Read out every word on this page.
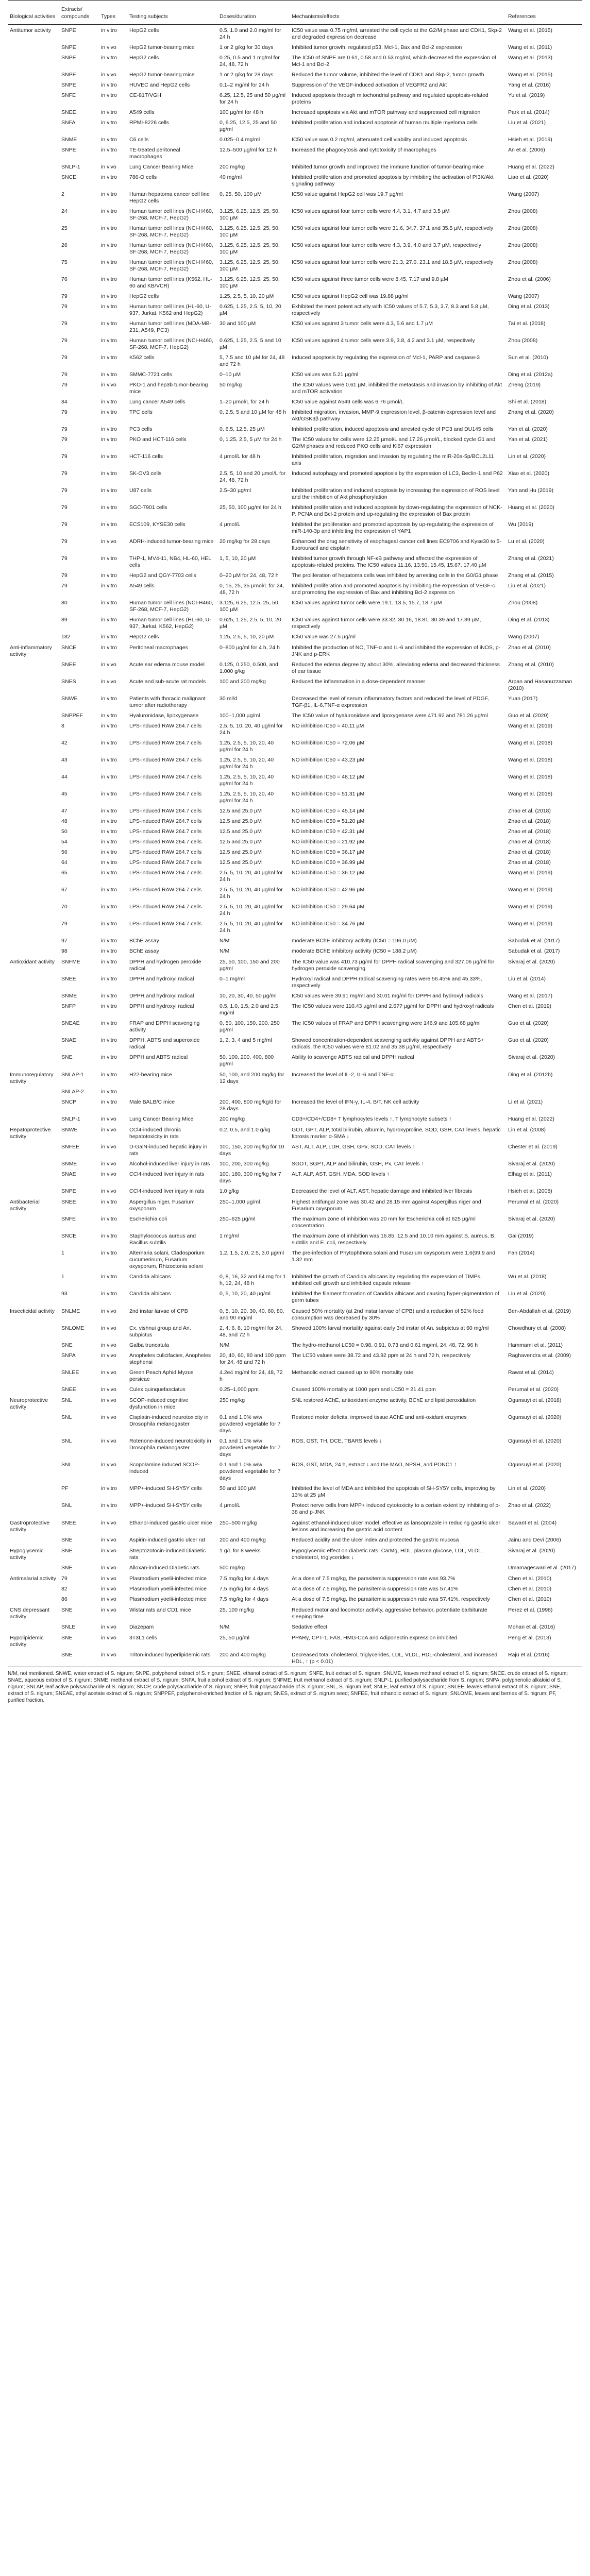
Biological activities	Extracts/ compounds	Types	Testing subjects	Doses/duration	Mechanisms/effects	References
Antitumor activity	SNPE	in vitro	HepG2 cells	0.5, 1.0 and 2.0 mg/ml for 24 h	IC50 value was 0.75 mg/ml, arrested the cell cycle at the G2/M phase and CDK1, Skp-2 and degraded expression decrease	Wang et al. (2015)
	SNPE	in vivo	HepG2 tumor-bearing mice	1 or 2 g/kg for 30 days	Inhibited tumor growth, regulated p53, Mcl-1, Bax and Bcl-2 expression	Wang et al. (2011)
	SNPE	in vitro	HepG2 cells	0.25, 0.5 and 1 mg/ml for 24, 48, 72 h	The IC50 of SNPE are 0.61, 0.58 and 0.53 mg/ml, which decreased the expression of Mcl-1 and Bcl-2	Wang et al. (2013)
	SNPE	in vivo	HepG2 tumor-bearing mice	1 or 2 g/kg for 28 days	Reduced the tumor volume, inhibited the level of CDK1 and Skp-2, tumor growth	Wang et al. (2015)
	SNPE	in vitro	HUVEC and HepG2 cells	0.1–2 mg/ml for 24 h	Suppression of the VEGF-induced activation of VEGFR2 and Akt	Yang et al. (2016)
	SNFE	in vitro	CE-81T/VGH	6.25, 12.5, 25 and 50 µg/ml for 24 h	Induced apoptosis through mitochondrial pathway and regulated apoptosis-related proteins	Yu et al. (2019)
	SNEE	in vitro	A549 cells	100 µg/ml for 48 h	Increased apoptosis via Akt and mTOR pathway and suppressed cell migration	Park et al. (2014)
	SNFA	in vitro	RPMI-8226 cells	0, 6.25, 12.5, 25 and 50 µg/ml	Inhibited proliferation and induced apoptosis of human multiple myeloma cells	Liu et al. (2021)
	SNME	in vitro	C6 cells	0.025–0.4 mg/ml	IC50 value was 0.2 mg/ml, attenuated cell viability and induced apoptosis	Hsieh et al. (2019)
	SNPE	in vitro	TE-treated peritoneal macrophages	12.5–500 µg/ml for 12 h	Increased the phagocytosis and cytotoxicity of macrophages	An et al. (2006)
	SNLP-1	in vivo	Lung Cancer Bearing Mice	200 mg/kg	Inhibited tumor growth and improved the immune function of tumor-bearing mice	Huang et al. (2022)
	SNCE	in vitro	786-O cells	40 mg/ml	Inhibited proliferation and promoted apoptosis by inhibiting the activation of PI3K/Akt signaling pathway	Liao et al. (2020)
	2	in vitro	Human hepatoma cancer cell line HepG2 cells	0, 25, 50, 100 µM	IC50 value against HepG2 cell was 19.7 µg/ml	Wang (2007)
	24	in vitro	Human tumor cell lines (NCI-H460, SF-268, MCF-7, HepG2)	3.125, 6.25, 12.5, 25, 50, 100 µM	IC50 values against four tumor cells were 4.4, 3.1, 4.7 and 3.5 µM	Zhou (2008)
	25	in vitro	Human tumor cell lines (NCI-H460, SF-268, MCF-7, HepG2)	3.125, 6.25, 12.5, 25, 50, 100 µM	IC50 values against four tumor cells were 31.6, 34.7, 37.1 and 35.5 µM, respectively	Zhou (2008)
	26	in vitro	Human tumor cell lines (NCI-H460, SF-268, MCF-7, HepG2)	3.125, 6.25, 12.5, 25, 50, 100 µM	IC50 values against four tumor cells were 4.3, 3.9, 4.0 and 3.7 µM, respectively	Zhou (2008)
	75	in vitro	Human tumor cell lines (NCI-H460, SF-268, MCF-7, HepG2)	3.125, 6.25, 12.5, 25, 50, 100 µM	IC50 values against four tumor cells were 21.3, 27.0, 23.1 and 18.5 µM, respectively	Zhou (2008)
	76	in vitro	Human tumor cell lines (K562, HL-60 and KB/VCR)	3.125, 6.25, 12.5, 25, 50, 100 µM	IC50 values against three tumor cells were 8.45, 7.17 and 9.8 µM	Zhou et al. (2006)
	79	in vitro	HepG2 cells	1.25, 2.5, 5, 10, 20 µM	IC50 values against HepG2 cell was 19.88 µg/ml	Wang (2007)
	79	in vitro	Human tumor cell lines (HL-60, U-937, Jurkat, K562 and HepG2)	0.625, 1.25, 2.5, 5, 10, 20 µM	Exhibited the most potent activity with IC50 values of 5.7, 5.3, 3.7, 8.3 and 5.8 µM, respectively	Ding et al. (2013)
	79	in vitro	Human tumor cell lines (MDA-MB-231, A549, PC3)	30 and 100 µM	IC50 values against 3 tumor cells were 4.3, 5.6 and 1.7 µM	Tai et al. (2018)
	79	in vitro	Human tumor cell lines (NCI-H460, SF-268, MCF-7, HepG2)	0.625, 1.25, 2.5, 5 and 10 µM	IC50 values against 4 tumor cells were 3.9, 3.8, 4.2 and 3.1 µM, respectively	Zhou (2008)
	79	in vitro	K562 cells	5, 7.5 and 10 µM for 24, 48 and 72 h	Induced apoptosis by regulating the expression of Mcl-1, PARP and caspase-3	Sun et al. (2010)
	79	in vitro	SMMC-7721 cells	0–10 µM	IC50 values was 5.21 µg/ml	Ding et al. (2012a)
	79	in vivo	PKO-1 and hep3b tumor-bearing mice	50 mg/kg	The IC50 values were 0.61 µM, inhibited the metastasis and invasion by inhibiting of Akt and mTOR activation	Zheng (2019)
	84	in vitro	Lung cancer A549 cells	1–20 µmol/L for 24 h	IC50 value against A549 cells was 6.76 µmol/L	Shi et al. (2018)
	79	in vitro	TPC cells	0, 2.5, 5 and 10 µM for 48 h	Inhibited migration, invasion, MMP-9 expression level, β-catenin expression level and Akt/GSK3β pathway	Zhang et al. (2020)
	79	in vitro	PC3 cells	0, 6.5, 12.5, 25 µM	Inhibited proliferation, induced apoptosis and arrested cycle of PC3 and DU145 cells	Yan et al. (2020)
	79	in vitro	PKO and HCT-116 cells	0, 1.25, 2.5, 5 µM for 24 h	The IC50 values for cells were 12.25 µmol/L and 17.26 µmol/L, blocked cycle G1 and G2/M phases and reduced PKO cells and Ki67 expression	Yan et al. (2021)
	79	in vitro	HCT-116 cells	4 µmol/L for 48 h	Inhibited proliferation, migration and invasion by regulating the miR-20a-5p/BCL2L11 axis	Lin et al. (2020)
	79	in vitro	SK-OV3 cells	2.5, 5, 10 and 20 µmol/L for 24, 48, 72 h	Induced autophagy and promoted apoptosis by the expression of LC3, Beclin-1 and P62	Xiao et al. (2020)
	79	in vitro	U87 cells	2.5–30 µg/ml	Inhibited proliferation and induced apoptosis by increasing the expression of ROS level and the inhibition of Akt phosphorylation	Yan and Hu (2019)
	79	in vitro	SGC-7901 cells	25, 50, 100 µg/ml for 24 h	Inhibited proliferation and induced apoptosis by down-regulating the expression of NCK-P, PCNA and Bcl-2 protein and up-regulating the expression of Bax protein	Huang et al. (2020)
	79	in vitro	ECS109, KYSE30 cells	4 µmol/L	Inhibited the proliferation and promoted apoptosis by up-regulating the expression of miR-140-3p and inhibiting the expression of YAP1	Wu (2019)
	79	in vivo	ADRH-induced tumor-bearing mice	20 mg/kg for 28 days	Enhanced the drug sensitivity of esophageal cancer cell lines EC9706 and Kyse30 to 5-fluorouracil and cisplatin	Lu et al. (2020)
	79	in vitro	THP-1, MV4-11, NB4, HL-60, HEL cells	1, 5, 10, 20 µM	Inhibited tumor growth through NF-κB pathway and affected the expression of apoptosis-related proteins. The IC50 values 11.16, 13.50, 15.45, 15.67, 17.40 µM	Zhang et al. (2021)
	79	in vitro	HepG2 and QGY-7703 cells	0–20 µM for 24, 48, 72 h	The proliferation of hepatoma cells was inhibited by arresting cells in the G0/G1 phase	Zhang et al. (2015)
	79	in vitro	A549 cells	0, 15, 25, 35 µmol/L for 24, 48, 72 h	Inhibited proliferation and promoted apoptosis by inhibiting the expression of VEGF-c and promoting the expression of Bax and inhibiting Bcl-2 expression	Liu et al. (2021)
	80	in vitro	Human tumor cell lines (NCI-H460, SF-268, MCF-7, HepG2)	3.125, 6.25, 12.5, 25, 50, 100 µM	IC50 values against tumor cells were 19.1, 13.5, 15.7, 18.7 µM	Zhou (2008)
	89	in vitro	Human tumor cell lines (HL-60, U-937, Jurkat, K562, HepG2)	0.625, 1.25, 2.5, 5, 10, 20 µM	IC50 values against tumor cells were 33.32, 30.16, 18.81, 30.39 and 17.39 µM, respectively	Ding et al. (2013)
	182	in vitro	HepG2 cells	1.25, 2.5, 5, 10, 20 µM	IC50 value was 27.5 µg/ml	Wang (2007)
Anti-inflammatory activity	SNCE	in vitro	Peritoneal macrophages	0–800 µg/ml for 4 h, 24 h	Inhibited the production of NO, TNF-α and IL-6 and inhibited the expression of iNOS, p-JNK and p-ERK	Zhao et al. (2010)
	SNEE	in vivo	Acute ear edema mouse model	0.125, 0.250, 0.500, and 1.000 g/kg	Reduced the edema degree by about 30%, alleviating edema and decreased thickness of ear tissue	Zhang et al. (2010)
	SNES	in vivo	Acute and sub-acute rat models	100 and 200 mg/kg	Reduced the inflammation in a dose-dependent manner	Arpan and Hasanuzzaman (2010)
	SNWE	in vitro	Patients with thoracic malignant tumor after radiotherapy	30 ml/d	Decreased the level of serum inflammatory factors and reduced the level of PDGF, TGF-β1, IL-6,TNF-α expression	Yuan (2017)
	SNPPEF	in vitro	Hyaluronidase, lipoxygenase	100–1,000 µg/ml	The IC50 value of hyaluronidase and lipoxygenase were 471.92 and 781.26 µg/ml	Guo et al. (2020)
	8	in vitro	LPS-induced RAW 264.7 cells	2.5, 5, 10, 20, 40 µg/ml for 24 h	NO inhibition IC50 = 40.11 µM	Wang et al. (2019)
	42	in vitro	LPS-induced RAW 264.7 cells	1.25, 2.5, 5, 10, 20, 40 µg/ml for 24 h	NO inhibition IC50 = 72.06 µM	Wang et al. (2018)
	43	in vitro	LPS-induced RAW 264.7 cells	1.25, 2.5, 5, 10, 20, 40 µg/ml for 24 h	NO inhibition IC50 = 43.23 µM	Wang et al. (2018)
	44	in vitro	LPS-induced RAW 264.7 cells	1.25, 2.5, 5, 10, 20, 40 µg/ml for 24 h	NO inhibition IC50 = 48.12 µM	Wang et al. (2018)
	45	in vitro	LPS-induced RAW 264.7 cells	1.25, 2.5, 5, 10, 20, 40 µg/ml for 24 h	NO inhibition IC50 = 51.31 µM	Wang et al. (2018)
	47	in vitro	LPS-induced RAW 264.7 cells	12.5 and 25.0 µM	NO inhibition IC50 = 45.14 µM	Zhao et al. (2018)
	48	in vitro	LPS-induced RAW 264.7 cells	12.5 and 25.0 µM	NO inhibition IC50 = 51.20 µM	Zhao et al. (2018)
	50	in vitro	LPS-induced RAW 264.7 cells	12.5 and 25.0 µM	NO inhibition IC50 = 42.31 µM	Zhao et al. (2018)
	54	in vitro	LPS-induced RAW 264.7 cells	12.5 and 25.0 µM	NO inhibition IC50 = 21.92 µM	Zhao et al. (2018)
	56	in vitro	LPS-induced RAW 264.7 cells	12.5 and 25.0 µM	NO inhibition IC50 = 36.17 µM	Zhao et al. (2018)
	64	in vitro	LPS-induced RAW 264.7 cells	12.5 and 25.0 µM	NO inhibition IC50 = 36.99 µM	Zhao et al. (2018)
	65	in vitro	LPS-induced RAW 264.7 cells	2.5, 5, 10, 20, 40 µg/ml for 24 h	NO inhibition IC50 = 36.12 µM	Wang et al. (2019)
	67	in vitro	LPS-induced RAW 264.7 cells	2.5, 5, 10, 20, 40 µg/ml for 24 h	NO inhibition IC50 = 42.96 µM	Wang et al. (2019)
	70	in vitro	LPS-induced RAW 264.7 cells	2.5, 5, 10, 20, 40 µg/ml for 24 h	NO inhibition IC50 = 29.64 µM	Wang et al. (2019)
	79	in vitro	LPS-induced RAW 264.7 cells	2.5, 5, 10, 20, 40 µg/ml for 24 h	NO inhibition IC50 = 34.76 µM	Wang et al. (2019)
	97	in vitro	BChE assay	N/M	moderate BChE inhibitory activity (IC50 = 196.0 µM)	Sabudak et al. (2017)
	98	in vitro	BChE assay	N/M	moderate BChE inhibitory activity (IC50 = 188.2 µM)	Sabudak et al. (2017)
Antioxidant activity	SNFME	in vitro	DPPH and hydrogen peroxide radical	25, 50, 100, 150 and 200 µg/ml	The IC50 value was 410.73 µg/ml for DPPH radical scavenging and 327.06 µg/ml for hydrogen peroxide scavenging	Sivaraj et al. (2020)
	SNEE	in vitro	DPPH and hydroxyl radical	0–1 mg/ml	Hydroxyl radical and DPPH radical scavenging rates were 56.45% and 45.33%, respectively	Liu et al. (2014)
	SNME	in vitro	DPPH and hydroxyl radical	10, 20, 30, 40, 50 µg/ml	IC50 values were 39.91 mg/ml and 30.01 mg/ml for DPPH and hydroxyl radicals	Wang et al. (2017)
	SNFP	in vitro	DPPH and hydroxyl radical	0.5, 1.0, 1.5, 2.0 and 2.5 mg/ml	The IC50 values were 110.43 µg/ml and 2.6?? µg/ml for DPPH and hydroxyl radicals	Chen et al. (2019)
	SNEAE	in vitro	FRAP and DPPH scavenging activity	0, 50, 100, 150, 200, 250 µg/ml	The IC50 values of FRAP and DPPH scavenging were 146.9 and 105.68 µg/ml	Guo et al. (2020)
	SNAE	in vitro	DPPH, ABTS and superoxide radical	1, 2, 3, 4 and 5 mg/ml	Showed concentration-dependent scavenging activity against DPPH and ABTS+ radicals, the IC50 values were 81.02 and 35.38 µg/ml, respectively	Guo et al. (2020)
	SNE	in vitro	DPPH and ABTS radical	50, 100, 200, 400, 800 µg/ml	Ability to scavenge ABTS radical and DPPH radical	Sivaraj et al. (2020)
Immunoregulatory activity	SNLAP-1	in vitro	H22-bearing mice	50, 100, and 200 mg/kg for 12 days	Increased the level of IL-2, IL-6 and TNF-α	Ding et al. (2012b)
	SNLAP-2	in vitro				
	SNCP	in vitro	Male BALB/C mice	200, 400, 800 mg/kg/d for 28 days	Increased the level of IFN-γ, IL-4, B/T, NK cell activity	Li et al. (2021)
	SNLP-1	in vivo	Lung Cancer Bearing Mice	200 mg/kg	CD3+/CD4+/CD8+ T lymphocytes levels ↑, T lymphocyte subsets ↑	Huang et al. (2022)
Hepatoprotective activity	SNWE	in vivo	CCl4-induced chronic hepatotoxicity in rats	0.2, 0.5, and 1.0 g/kg	GOT, GPT, ALP, total bilirubin, albumin, hydroxyproline, SOD, GSH, CAT levels, hepatic fibrosis marker α-SMA ↓	Lin et al. (2008)
	SNFEE	in vivo	D-GalN-induced hepatic injury in rats	100, 150, 200 mg/kg for 10 days	AST, ALT, ALP, LDH, GSH, GPx, SOD, CAT levels ↑	Chester et al. (2019)
	SNME	in vivo	Alcohol-induced liver injury in rats	100, 200, 300 mg/kg	SGOT, SGPT, ALP and bilirubin, GSH, Px, CAT levels ↑	Sivaraj et al. (2020)
	SNAE	in vivo	CCl4-induced liver injury in rats	100, 180, 300 mg/kg for 7 days	ALT, ALP, AST, GSH, MDA, SOD levels ↑	Elhag et al. (2011)
	SNPE	in vivo	CCl4-induced liver injury in rats	1.0 g/kg	Decreased the level of ALT, AST, hepatic damage and inhibited liver fibrosis	Hsieh et al. (2008)
Antibacterial activity	SNEE	in vitro	Aspergillus niger, Fusarium oxysporum	250–1,000 µg/ml	Highest antifungal zone was 30.42 and 28.15 mm against Aspergillus niger and Fusarium oxysporum	Perumal et al. (2020)
	SNFE	in vitro	Escherichia coli	250–625 µg/ml	The maximum zone of inhibition was 20 mm for Escherichia coli at 625 µg/ml concentration	Sivaraj et al. (2020)
	SNCE	in vitro	Staphylococcus aureus and Bacillus subtilis	1 mg/ml	The maximum zone of inhibition was 16.85, 12.5 and 10.10 mm against S. aureus, B. subtilis and E. coli, respectively	Gai (2019)
	1	in vitro	Alternaria solani, Cladosporium cucumerinum, Fusarium oxysporum, Rhizoctonia solani	1.2, 1.5, 2.0, 2.5, 3.0 µg/ml	The pre-infection of Phytophthora solani and Fusarium oxysporum were 1.6(99.9 and 1.32 mm	Fan (2014)
	1	in vitro	Candida albicans	0, 8, 16, 32 and 64 mg for 1 h, 12, 24, 48 h	Inhibited the growth of Candida albicans by regulating the expression of TIMPs, inhibited cell growth and inhibited capsule release	Wu et al. (2018)
	93	in vitro	Candida albicans	0, 5, 10, 20, 40 µg/ml	Inhibited the filament formation of Candida albicans and causing hyper-pigmentation of germ tubes	Liu et al. (2020)
Insecticidal activity	SNLME	in vivo	2nd instar larvae of CPB	0, 5, 10, 20, 30, 40, 60, 80, and 90 mg/ml	Caused 50% mortality (at 2nd instar larvae of CPB) and a reduction of 52% food consumption was decreased by 30%	Ben-Abdallah et al. (2019)
	SNLOME	in vivo	Cx. vishnui group and An. subpictus	2, 4, 6, 8, 10 mg/ml for 24, 48, and 72 h	Showed 100% larval mortality against early 3rd instar of An. subpictus at 60 mg/ml	Chowdhury et al. (2008)
	SNE	in vivo	Galba truncatula	N/M	The hydro-methanol LC50 = 0.98, 0.91, 0.73 and 0.61 mg/ml, 24, 48, 72, 96 h	Hammami et al. (2011)
	SNPA	in vivo	Anopheles culicifacies, Anopheles stephensi	20, 40, 60, 80 and 100 ppm for 24, 48 and 72 h	The LC50 values were 38.72 and 43.92 ppm at 24 h and 72 h, respectively	Raghavendra et al. (2009)
	SNLEE	in vivo	Green Peach Aphid Myzus persicae	4.2e4 mg/ml for 24, 48, 72 h	Methanolic extract caused up to 90% mortality rate	Rawat et al. (2014)
	SNEE	in vivo	Culex quinquefasciatus	0.25–1,000 ppm	Caused 100% mortality at 1000 ppm and LC50 = 21.41 ppm	Perumal et al. (2020)
Neuroprotective activity	SNL	in vivo	SCOP-induced cognitive dysfunction in mice	250 mg/kg	SNL restored AChE, antioxidant enzyme activity, BChE and lipid peroxidation	Ogunsuyi et al. (2018)
	SNL	in vivo	Cisplatin-induced neurotoxicity in Drosophila melanogaster	0.1 and 1.0% w/w powdered vegetable for 7 days	Restored motor deficits, improved tissue AChE and anti-oxidant enzymes	Ogunsuyi et al. (2020)
	SNL	in vivo	Rotenone-induced neurotoxicity in Drosophila melanogaster	0.1 and 1.0% w/w powdered vegetable for 7 days	ROS, GST, TH, DCE, TBARS levels ↓	Ogunsuyi et al. (2020)
	SNL	in vivo	Scopolamine induced SCOP-induced	0.1 and 1.0% w/w powdered vegetable for 7 days	ROS, GST, MDA, 24 h, extract ↓ and the MAO, NPSH, and PONC1 ↑	Ogunsuyi et al. (2020)
	PF	in vitro	MPP+-induced SH-SY5Y cells	50 and 100 µM	Inhibited the level of MDA and inhibited the apoptosis of SH-SY5Y cells, improving by 13% at 25 µM	Lin et al. (2020)
	SNL	in vitro	MPP+-induced SH-SY5Y cells	4 µmol/L	Protect nerve cells from MPP+ induced cytotoxicity to a certain extent by inhibiting of p-38 and p-JNK	Zhao et al. (2022)
Gastroprotective activity	SNEE	in vivo	Ethanol-induced gastric ulcer mice	250–500 mg/kg	Against ethanol-induced ulcer model, effective as lansoprazole in reducing gastric ulcer lesions and increasing the gastric acid content	Sawant et al. (2004)
	SNE	in vivo	Aspirin-induced gastric ulcer rat	200 and 400 mg/kg	Reduced acidity and the ulcer index and protected the gastric mucosa	Jainu and Devi (2006)
Hypoglycemic activity	SNE	in vivo	Streptozotocin-induced Diabetic rats	1 g/L for 8 weeks	Hypoglycemic effect on diabetic rats, CarMg, HDL, plasma glucose, LDL, VLDL, cholesterol, triglycerides ↓	Sivaraj et al. (2020)
	SNE	in vivo	Alloxan-induced Diabetic rats	500 mg/kg		Umamageswari et al. (2017)
Antimalarial activity	79	in vivo	Plasmodium yoelii-infected mice	7.5 mg/kg for 4 days	At a dose of 7.5 mg/kg, the parasitemia suppression rate was 93.7%	Chen et al. (2010)
	82	in vivo	Plasmodium yoelii-infected mice	7.5 mg/kg for 4 days	At a dose of 7.5 mg/kg, the parasitemia suppression rate was 57.41%	Chen et al. (2010)
	86	in vivo	Plasmodium yoelii-infected mice	7.5 mg/kg for 4 days	At a dose of 7.5 mg/kg, the parasitemia suppression rate was 57.41%, respectively	Chen et al. (2010)
CNS depressant activity	SNE	in vivo	Wistar rats and CD1 mice	25, 100 mg/kg	Reduced motor and locomotor activity, aggressive behavior, potentiate barbiturate sleeping time	Perez et al. (1998)
	SNLE	in vivo	Diazepam	N/M	Sedative effect	Mohan et al. (2016)
Hypolipidemic activity	SNE	in vivo	3T3L1 cells	25, 50 µg/ml	PPARγ, CPT-1, FAS, HMG-CoA and Adiponectin expression inhibited	Peng et al. (2013)
	SNE	in vivo	Triton-induced hyperlipidemic rats	200 and 400 mg/kg	Decreased total cholesterol, triglycerides, LDL, VLDL, HDL-cholesterol, and increased HDL, ↑ (p < 0.01)	Raju et al. (2016)
N/M, not mentioned. SNWE, water extract of S. nigrum; SNPE, polyphenol extract of S. nigrum; SNEE, ethanol extract of S. nigrum; SNFE, fruit extract of S. nigrum; SNLME, leaves methanol extract of S. nigrum; SNCE, crude extract of S. nigrum; SNAE, aqueous extract of S. nigrum; SNME, methanol extract of S. nigrum; SNFA, fruit alcohol extract of S. nigrum; SNFME, fruit methanol extract of S. nigrum; SNLP-1, purified polysaccharide from S. nigrum; SNPA, polyphenolic alkaloid of S. nigrum; SNLAP, leaf active polysaccharide of S. nigrum; SNCP, crude polysaccharide of S. nigrum; SNFP, fruit polysaccharide of S. nigrum; SNL, S. nigrum leaf; SNLE, leaf extract of S. nigrum; SNLEE, leaves ethanol extract of S. nigrum; SNE, extract of S. nigrum; SNEAE, ethyl acetate extract of S. nigrum; SNPPEF, polyphenol-enriched fraction of S. nigrum; SNES, extract of S. nigrum seed; SNFEE, fruit ethanolic extract of S. nigrum; SNLOME, leaves and berries of S. nigrum; PF, purified fraction.
